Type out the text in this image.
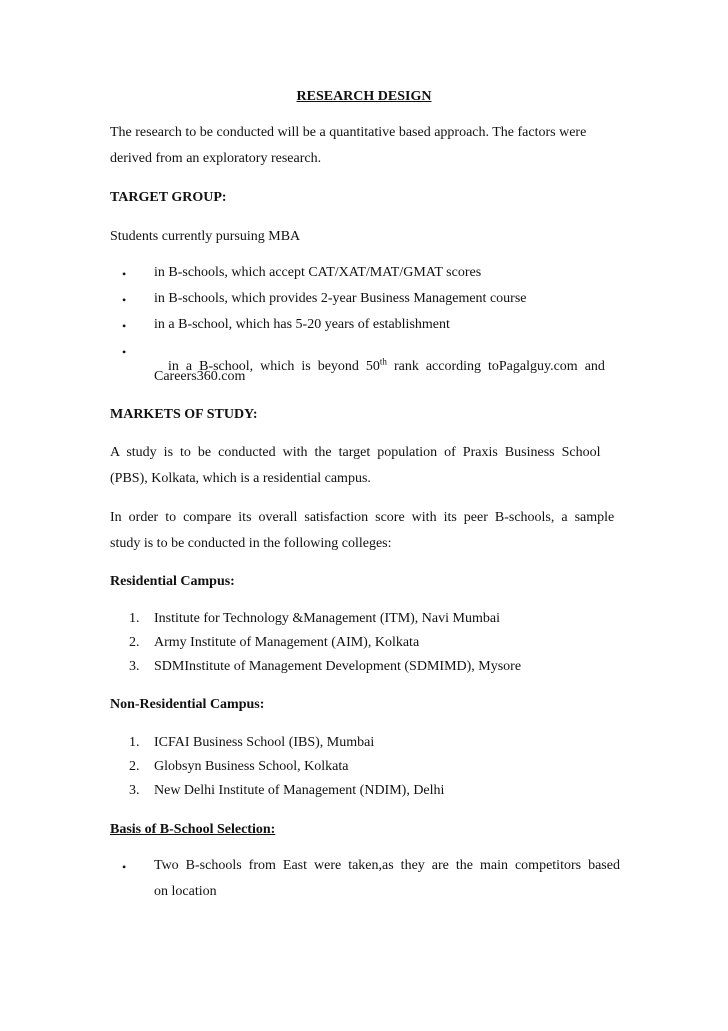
RESEARCH DESIGN
The research to be conducted will be a quantitative based approach. The factors were
derived from an exploratory research.
TARGET GROUP:
Students currently pursuing MBA
• in B-schools, which accept CAT/XAT/MAT/GMAT scores
• in B-schools, which provides 2-year Business Management course
• in a B-school, which has 5-20 years of establishment
•

in  a  B-school,  which  is  beyond  50th  rank  according  toPagalguy.com  and

Careers360.com
MARKETS OF STUDY:
A  study  is  to  be  conducted  with  the  target  population  of  Praxis  Business  School
(PBS), Kolkata, which is a residential campus.
In  order  to  compare  its  overall  satisfaction  score  with  its  peer  B-schools,  a  sample
study is to be conducted in the following colleges:
Residential Campus:
1. Institute for Technology &Management (ITM), Navi Mumbai
2. Army Institute of Management (AIM), Kolkata
3. SDMInstitute of Management Development (SDMIMD), Mysore
Non-Residential Campus:
1. ICFAI Business School (IBS), Mumbai
2. Globsyn Business School, Kolkata
3. New Delhi Institute of Management (NDIM), Delhi
Basis of B-School Selection:
• Two  B-schools  from  East  were  taken,as  they  are  the  main  competitors  based
on location
